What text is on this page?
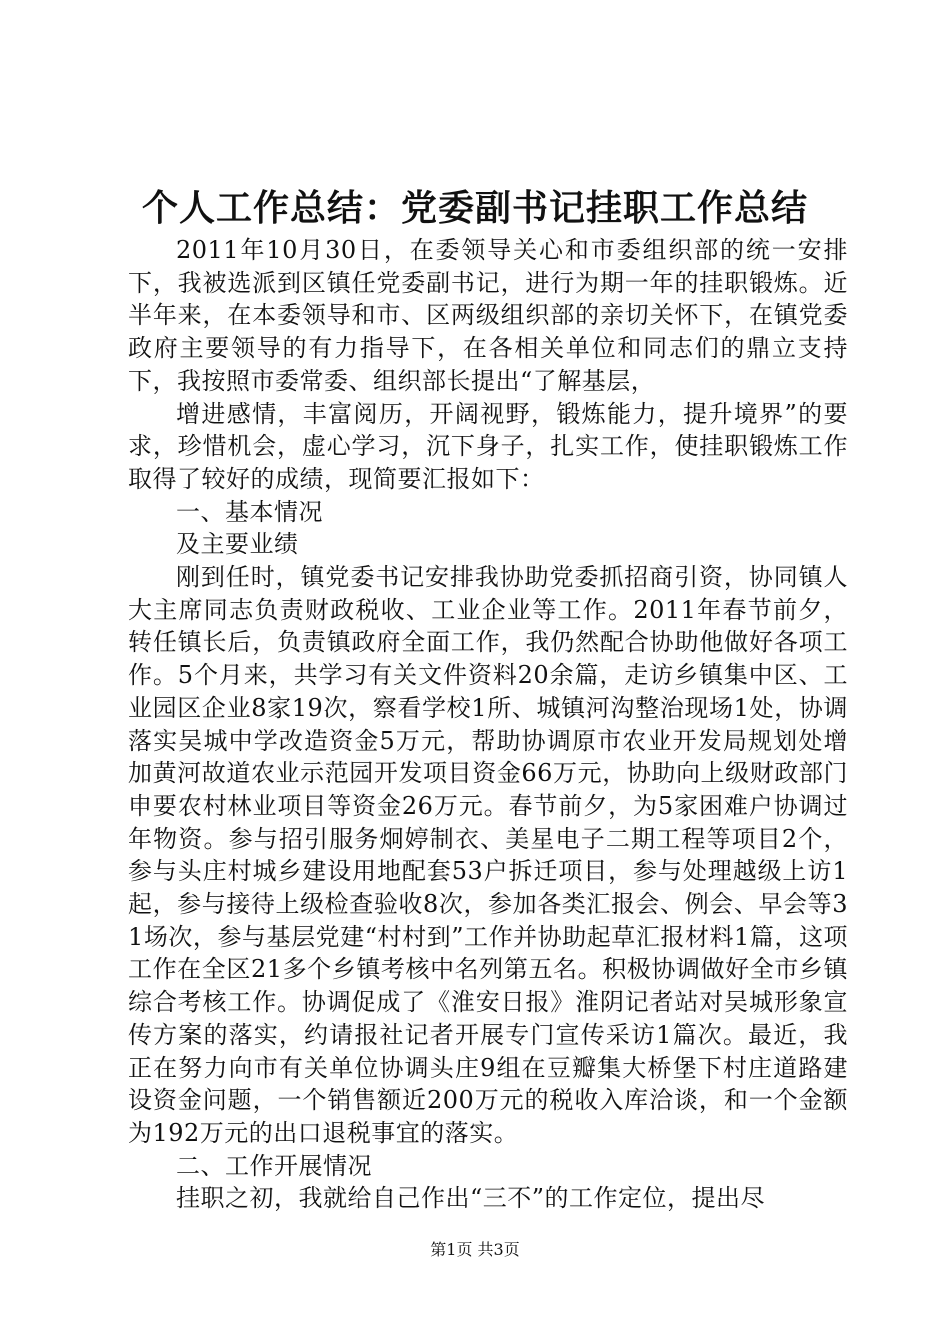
个人工作总结：党委副书记挂职工作总结

2011年10月30日，在委领导关心和市委组织部的统一安排下，我被选派到区镇任党委副书记，进行为期一年的挂职锻炼。近半年来，在本委领导和市、区两级组织部的亲切关怀下，在镇党委政府主要领导的有力指导下，在各相关单位和同志们的鼎立支持下，我按照市委常委、组织部长提出“了解基层，

增进感情，丰富阅历，开阔视野，锻炼能力，提升境界”的要求，珍惜机会，虚心学习，沉下身子，扎实工作，使挂职锻炼工作取得了较好的成绩，现简要汇报如下：

一、基本情况

及主要业绩

刚到任时，镇党委书记安排我协助党委抓招商引资，协同镇人大主席同志负责财政税收、工业企业等工作。2011年春节前夕，转任镇长后，负责镇政府全面工作，我仍然配合协助他做好各项工作。5个月来，共学习有关文件资料20余篇，走访乡镇集中区、工业园区企业8家19次，察看学校1所、城镇河沟整治现场1处，协调落实吴城中学改造资金5万元，帮助协调原市农业开发局规划处增加黄河故道农业示范园开发项目资金66万元，协助向上级财政部门申要农村林业项目等资金26万元。春节前夕，为5家困难户协调过年物资。参与招引服务炯婷制衣、美星电子二期工程等项目2个，参与头庄村城乡建设用地配套53户拆迁项目，参与处理越级上访1起，参与接待上级检查验收8次，参加各类汇报会、例会、早会等31场次，参与基层党建“村村到”工作并协助起草汇报材料1篇，这项工作在全区21多个乡镇考核中名列第五名。积极协调做好全市乡镇综合考核工作。协调促成了《淮安日报》淮阴记者站对吴城形象宣传方案的落实，约请报社记者开展专门宣传采访1篇次。最近，我正在努力向市有关单位协调头庄9组在豆瓣集大桥堡下村庄道路建设资金问题，一个销售额近200万元的税收入库洽谈，和一个金额为192万元的出口退税事宜的落实。

二、工作开展情况

挂职之初，我就给自己作出“三不”的工作定位，提出尽

第1页 共3页
